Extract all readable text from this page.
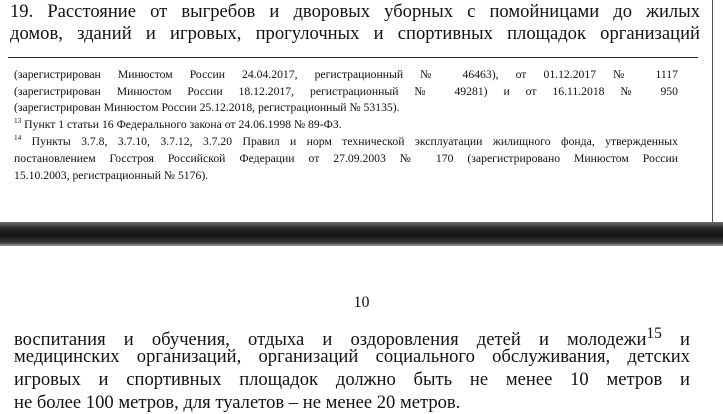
19. Расстояние от выгребов и дворовых уборных с помойницами до жилых
домов, зданий и игровых, прогулочных и спортивных площадок организаций
(зарегистрирован Минюстом России 24.04.2017, регистрационный № 46463), от 01.12.2017 № 1117
(зарегистрирован Минюстом России 18.12.2017, регистрационный № 49281) и от 16.11.2018 № 950
(зарегистрирован Минюстом России 25.12.2018, регистрационный № 53135).
$^{13}$ Пункт 1 статьи 16 Федерального закона от 24.06.1998 № 89-ФЗ.
$^{14}$ Пункты 3.7.8, 3.7.10, 3.7.12, 3.7.20 Правил и норм технической эксплуатации жилищного фонда, утвержденных
постановлением Госстроя Российской Федерации от 27.09.2003 № 170 (зарегистрировано Минюстом России
15.10.2003, регистрационный № 5176).
10
воспитания и обучения, отдыха и оздоровления детей и молодежи$^{15}$ и
медицинских организаций, организаций социального обслуживания, детских
игровых и спортивных площадок должно быть не менее 10 метров и
не более 100 метров, для туалетов – не менее 20 метров.
